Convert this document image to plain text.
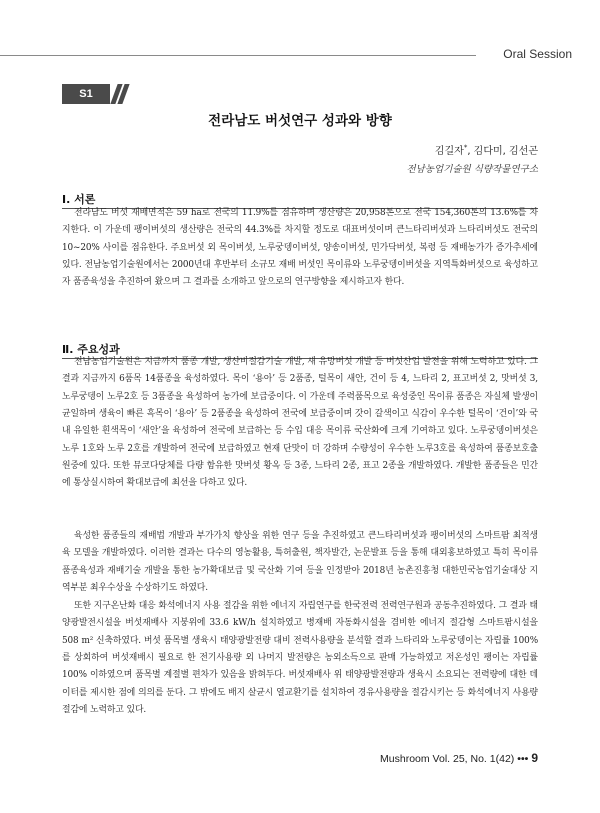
Oral Session
S1
전라남도 버섯연구 성과와 방향
김길자*, 김다미, 김선곤
전남농업기술원 식량작물연구소
Ⅰ. 서론

전라남도 버섯 재배면적은 59 ha로 전국의 11.9%를 점유하며 생산량은 20,958톤으로 전국 154,360톤의 13.6%를 차지한다. 이 가운데 팽이버섯의 생산량은 전국의 44.3%를 차지할 정도로 대표버섯이며 큰느타리버섯과 느타리버섯도 전국의 10~20% 사이를 점유한다. 주요버섯 외 목이버섯, 노루궁뎅이버섯, 양송이버섯, 민가닥버섯, 복령 등 재배농가가 증가추세에 있다. 전남농업기술원에서는 2000년대 후반부터 소규모 재배 버섯인 목이류와 노루궁뎅이버섯을 지역특화버섯으로 육성하고자 품종육성을 추진하여 왔으며 그 결과를 소개하고 앞으로의 연구방향을 제시하고자 한다.

Ⅱ. 주요성과

전남농업기술원은 지금까지 품종 개발, 생산비절감기술 개발, 새 유망버섯 개발 등 버섯산업 발전을 위해 노력하고 있다. 그 결과 지금까지 6품목 14품종을 육성하였다. 목이 ‘용아’ 등 2품종, 털목이 새안, 건이 등 4, 느타리 2, 표고버섯 2, 맛버섯 3, 노루궁뎅이 노루2호 등 3품종을 육성하여 농가에 보급중이다. 이 가운데 주력품목으로 육성중인 목이류 품종은 자실체 발생이 균일하며 생육이 빠른 흑목이 ‘용아’ 등 2품종을 육성하여 전국에 보급중이며 갓이 갈색이고 식감이 우수한 털목이 ‘건이’와 국내 유일한 흰색목이 ‘새안’을 육성하여 전국에 보급하는 등 수입 대응 목이류 국산화에 크게 기여하고 있다. 노루궁뎅이버섯은 노루 1호와 노루 2호를 개발하여 전국에 보급하였고 현재 단맛이 더 강하며 수량성이 우수한 노루3호를 육성하여 품종보호출원중에 있다. 또한 뮤코다당체를 다량 함유한 맛버섯 황옥 등 3종, 느타리 2종, 표고 2종을 개발하였다. 개발한 품종들은 민간에 통상실시하여 확대보급에 최선을 다하고 있다.

육성한 품종들의 재배법 개발과 부가가치 향상을 위한 연구 등을 추진하였고 큰느타리버섯과 팽이버섯의 스마트팜 최적생육 모델을 개발하였다. 이러한 결과는 다수의 영농활용, 특허출원, 책자발간, 논문발표 등을 통해 대외홍보하였고 특히 목이류 품종육성과 재배기술 개발을 통한 농가확대보급 및 국산화 기여 등을 인정받아 2018년 농촌진흥청 대한민국농업기술대상 지역부분 최우수상을 수상하기도 하였다.

또한 지구온난화 대응 화석에너지 사용 절감을 위한 에너지 자립연구를 한국전력 전력연구원과 공동추진하였다. 그 결과 태양광발전시설을 버섯재배사 지붕위에 33.6 kW/h 설치하였고 병재배 자동화시설을 겸비한 에너지 절감형 스마트팜시설을 508 m² 신축하였다. 버섯 품목별 생육시 태양광발전량 대비 전력사용량을 분석할 결과 느타리와 노루궁뎅이는 자립률 100%를 상회하여 버섯재배시 필요로 한 전기사용량 외 나머지 발전량은 농외소득으로 판매 가능하였고 저온성인 팽이는 자립률 100% 이하였으며 품목별 계절별 편차가 있음을 밝혀두다. 버섯재배사 위 태양광발전량과 생육시 소요되는 전력량에 대한 데이터를 제시한 점에 의의를 둔다. 그 밖에도 배지 살균시 열교환기를 설치하여 경유사용량을 절감시키는 등 화석에너지 사용량 절감에 노력하고 있다.

Mushroom Vol. 25, No. 1(42) ••• 9
